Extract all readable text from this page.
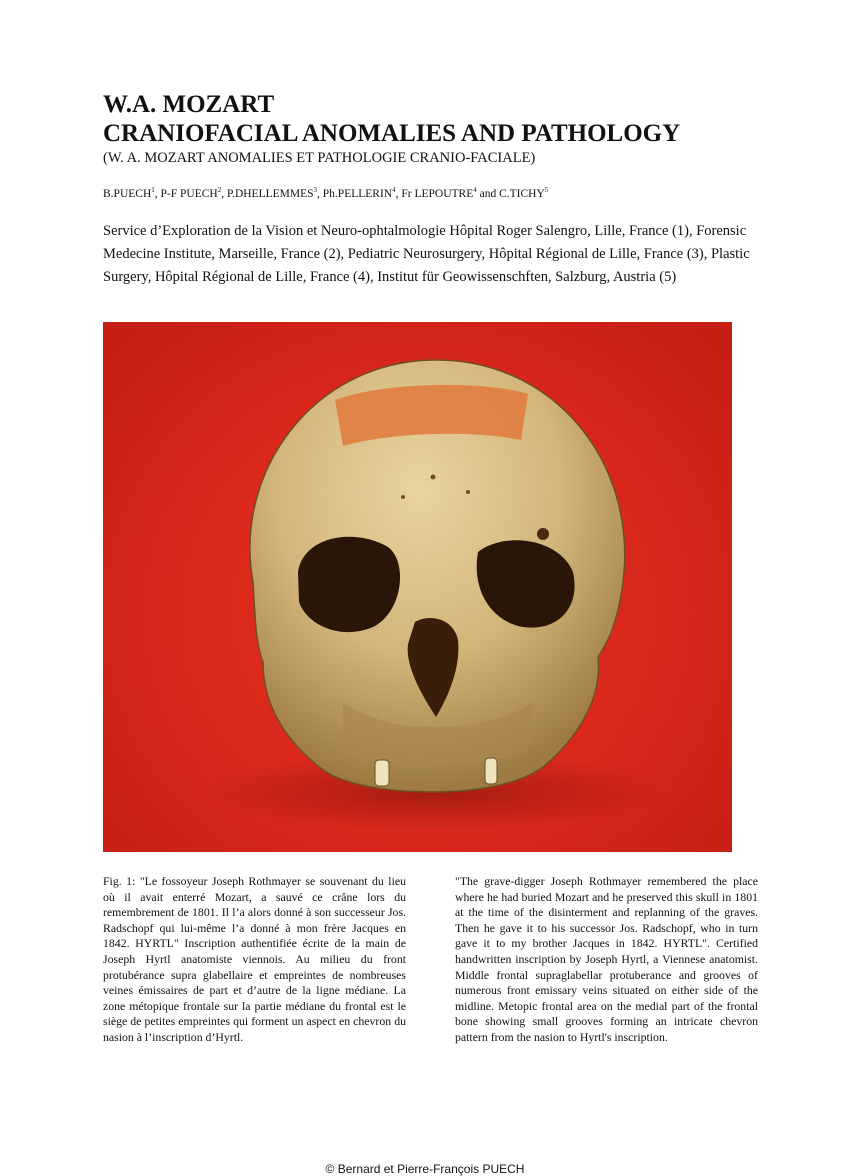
W.A. MOZART
CRANIOFACIAL ANOMALIES AND PATHOLOGY
(W. A. MOZART ANOMALIES ET PATHOLOGIE CRANIO-FACIALE)
B.PUECH$^1$, P-F PUECH$^2$, P.DHELLEMMES$^3$, Ph.PELLERIN$^4$, Fr LEPOUTRE$^4$ and C.TICHY$^5$
Service d’Exploration de la Vision et Neuro-ophtalmologie Hôpital Roger Salengro, Lille, France (1), Forensic Medecine Institute, Marseille, France (2), Pediatric Neurosurgery, Hôpital Régional de Lille, France (3), Plastic Surgery, Hôpital Régional de Lille, France (4), Institut für Geowissenschften, Salzburg, Austria (5)
Fig. 1: "Le fossoyeur Joseph Rothmayer se souvenant du lieu où il avait enterré Mozart, a sauvé ce crâne lors du remembrement de 1801. Il l’a alors donné à son successeur Jos. Radschopf qui lui-même l’a donné à mon frère Jacques en 1842. HYRTL" Inscription authentifiée écrite de la main de Joseph Hyrtl anatomiste viennois. Au milieu du front protubérance supra glabellaire et empreintes de nombreuses veines émissaires de part et d’autre de la ligne médiane. La zone métopique frontale sur la partie médiane du frontal est le siège de petites empreintes qui forment un aspect en chevron du nasion à l’inscription d’Hyrtl.
"The grave-digger Joseph Rothmayer remembered the place where he had buried Mozart and he preserved this skull in 1801 at the time of the disinterment and replanning of the graves. Then he gave it to his successor Jos. Radschopf, who in turn gave it to my brother Jacques in 1842. HYRTL". Certified handwritten inscription by Joseph Hyrtl, a Viennese anatomist. Middle frontal supraglabellar protuberance and grooves of numerous front emissary veins situated on either side of the midline. Metopic frontal area on the medial part of the frontal bone showing small grooves forming an intricate chevron pattern from the nasion to Hyrtl's inscription.
© Bernard et Pierre-François PUECH
